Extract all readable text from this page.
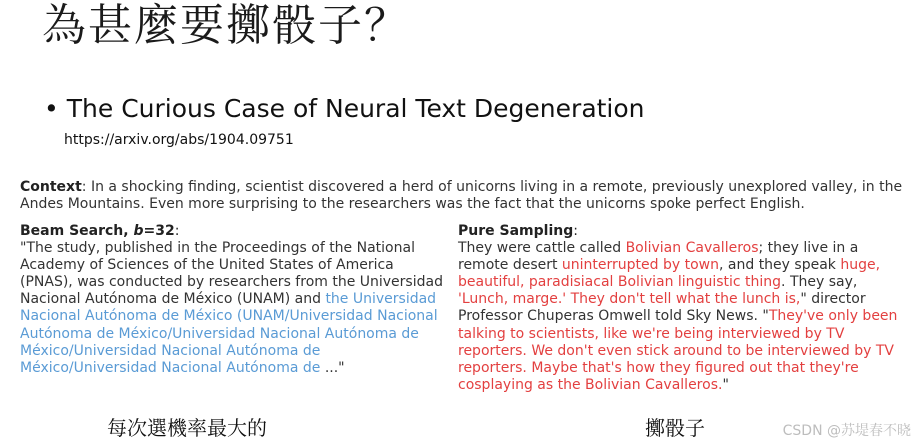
為甚麼要擲骰子？
• The Curious Case of Neural Text Degeneration
https://arxiv.org/abs/1904.09751
Context: In a shocking finding, scientist discovered a herd of unicorns living in a remote, previously unexplored valley, in the Andes Mountains. Even more surprising to the researchers was the fact that the unicorns spoke perfect English.
Beam Search, b=32:
"The study, published in the Proceedings of the National Academy of Sciences of the United States of America (PNAS), was conducted by researchers from the Universidad Nacional Autónoma de México (UNAM) and the Universidad Nacional Autónoma de México (UNAM/Universidad Nacional Autónoma de México/Universidad Nacional Autónoma de México/Universidad Nacional Autónoma de México/Universidad Nacional Autónoma de ..."
Pure Sampling:
They were cattle called Bolivian Cavalleros; they live in a remote desert uninterrupted by town, and they speak huge, beautiful, paradisiacal Bolivian linguistic thing. They say, 'Lunch, marge.' They don't tell what the lunch is," director Professor Chuperas Omwell told Sky News. "They've only been talking to scientists, like we're being interviewed by TV reporters. We don't even stick around to be interviewed by TV reporters. Maybe that's how they figured out that they're cosplaying as the Bolivian Cavalleros."
每次選機率最大的	擲骰子	CSDN @苏堤春不晓
